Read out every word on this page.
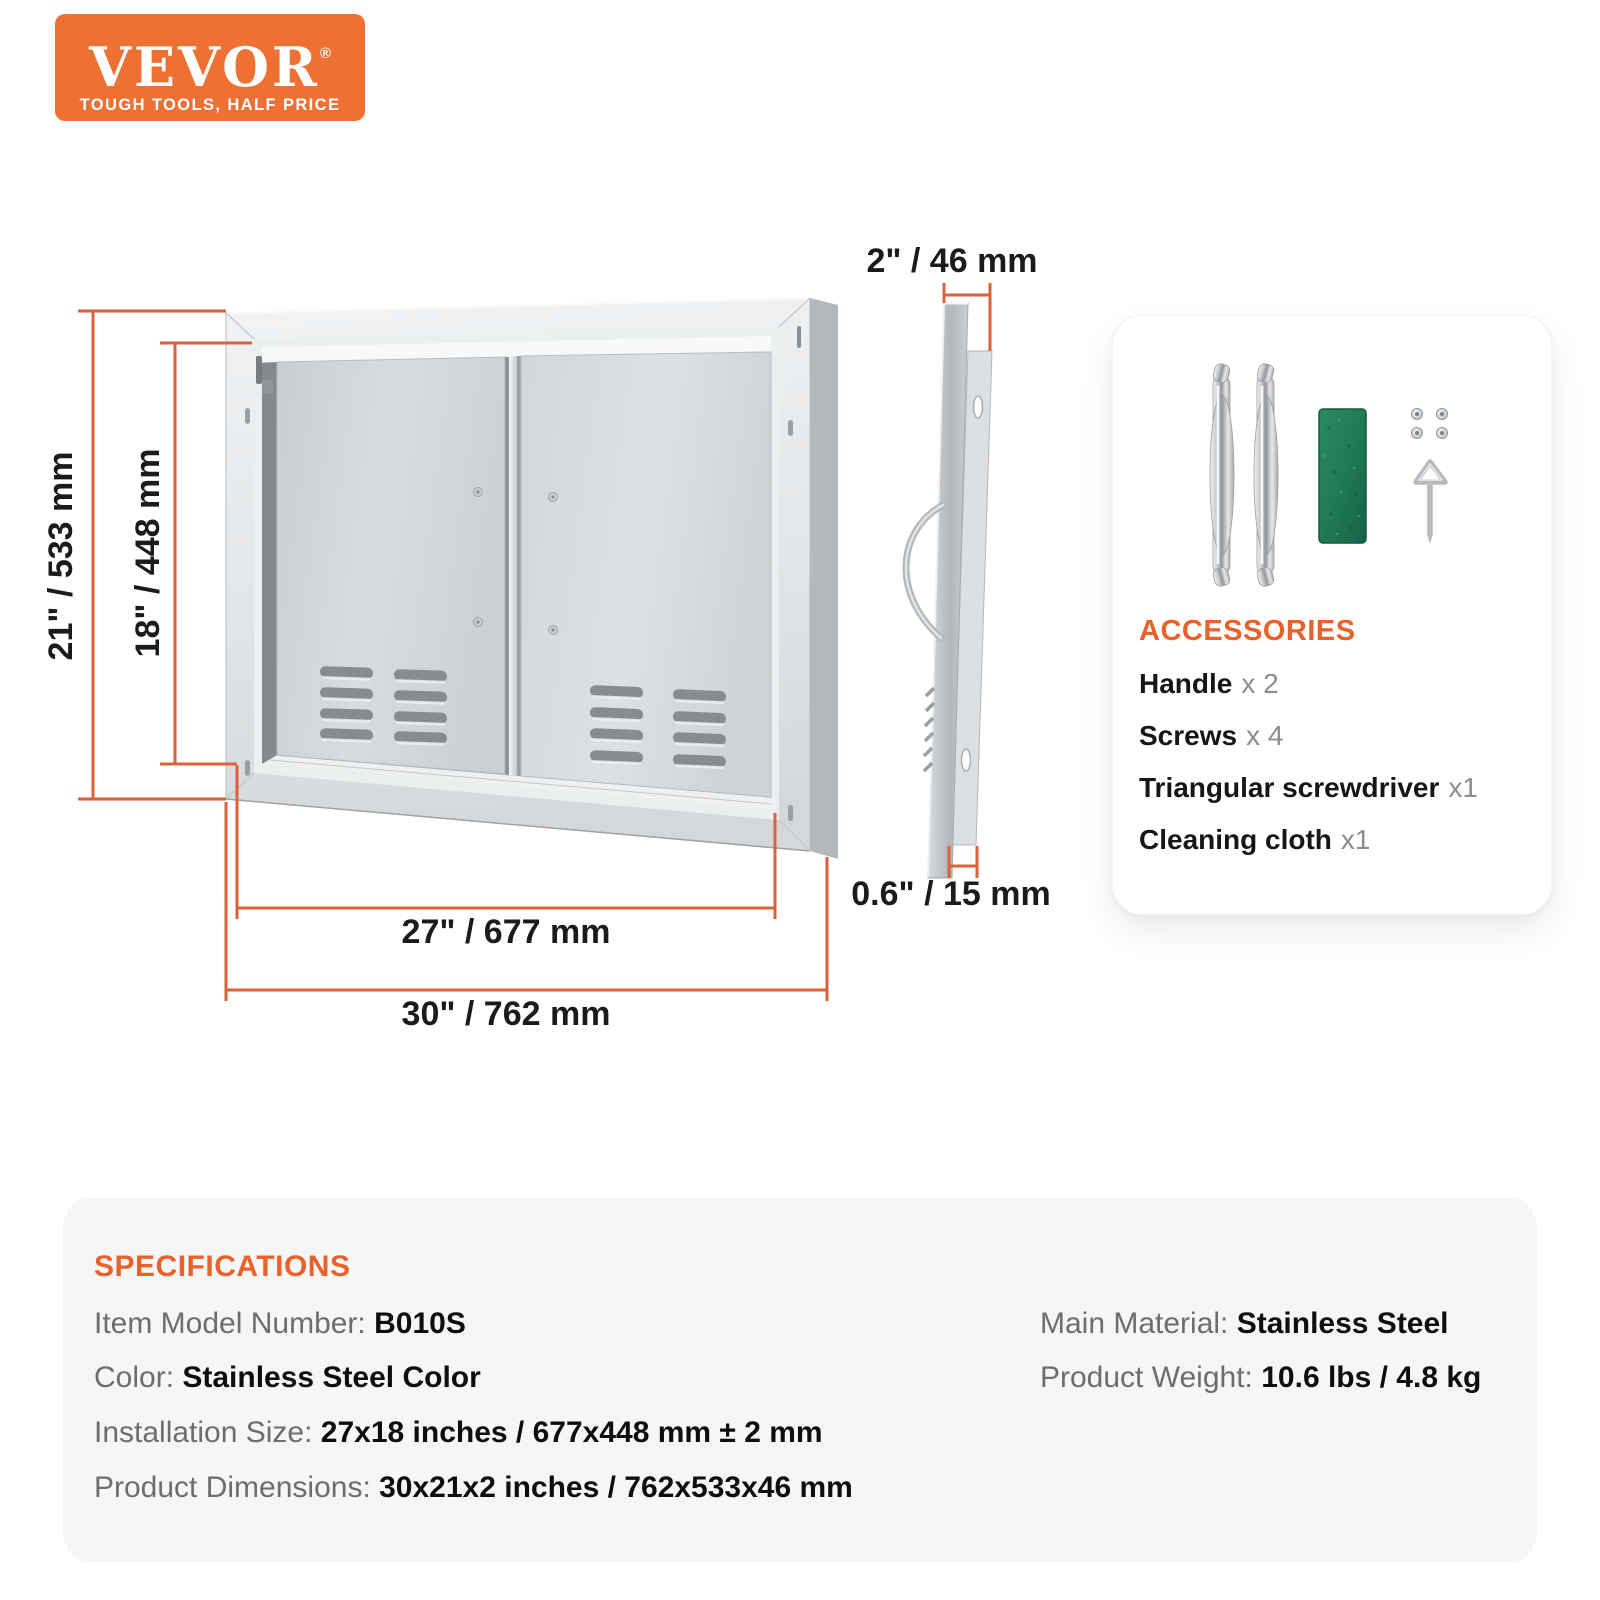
VEVOR®
TOUGH TOOLS, HALF PRICE
21" / 533 mm 18" / 448 mm
27" / 677 mm
30" / 762 mm
2" / 46 mm
0.6" / 15 mm
ACCESSORIES
Handle x 2
Screws x 4
Triangular screwdriver x1
Cleaning cloth x1
SPECIFICATIONS
Item Model Number: B010S
Color: Stainless Steel Color
Installation Size: 27x18 inches / 677x448 mm ± 2 mm
Product Dimensions: 30x21x2 inches / 762x533x46 mm
Main Material: Stainless Steel
Product Weight: 10.6 lbs / 4.8 kg
